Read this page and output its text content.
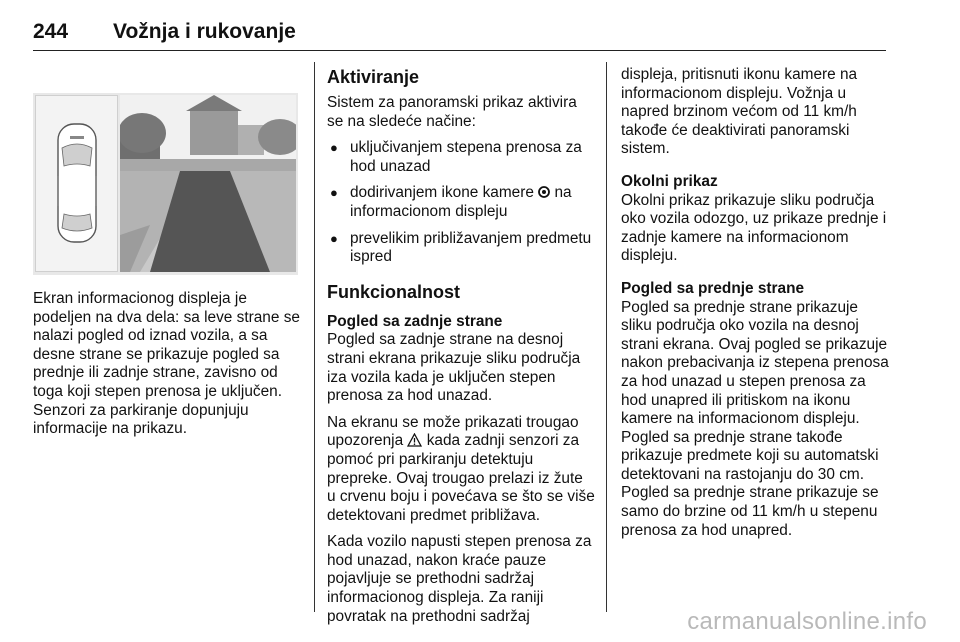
244 Vožnja i rukovanje

Ekran informacionog displeja je podeljen na dva dela: sa leve strane se nalazi pogled od iznad vozila, a sa desne strane se prikazuje pogled sa prednje ili zadnje strane, zavisno od toga koji stepen prenosa je uključen. Senzori za parkiranje dopunjuju informacije na prikazu.

Aktiviranje

Sistem za panoramski prikaz aktivira se na sledeće načine:

● uključivanjem stepena prenosa za hod unazad
● dodirivanjem ikone kamere na informacionom displeju
● prevelikim približavanjem predmetu ispred
Funkcionalnost
Pogled sa zadnje strane

Pogled sa zadnje strane na desnoj strani ekrana prikazuje sliku područja iza vozila kada je uključen stepen prenosa za hod unazad.

Na ekranu se može prikazati trougao upozorenja kada zadnji senzori za pomoć pri parkiranju detektuju prepreke. Ovaj trougao prelazi iz žute u crvenu boju i povećava se što se više detektovani predmet približava.

Kada vozilo napusti stepen prenosa za hod unazad, nakon kraće pauze pojavljuje se prethodni sadržaj informacionog displeja. Za raniji povratak na prethodni sadržaj

displeja, pritisnuti ikonu kamere na informacionom displeju. Vožnja u napred brzinom većom od 11 km/h takođe će deaktivirati panoramski sistem.

Okolni prikaz

Okolni prikaz prikazuje sliku područja oko vozila odozgo, uz prikaze prednje i zadnje kamere na informacionom displeju.

Pogled sa prednje strane

Pogled sa prednje strane prikazuje sliku područja oko vozila na desnoj strani ekrana. Ovaj pogled se prikazuje nakon prebacivanja iz stepena prenosa za hod unazad u stepen prenosa za hod unapred ili pritiskom na ikonu kamere na informacionom displeju. Pogled sa prednje strane takođe prikazuje predmete koji su automatski detektovani na rastojanju do 30 cm. Pogled sa prednje strane prikazuje se samo do brzine od 11 km/h u stepenu prenosa za hod unapred.

carmanualsonline.info
